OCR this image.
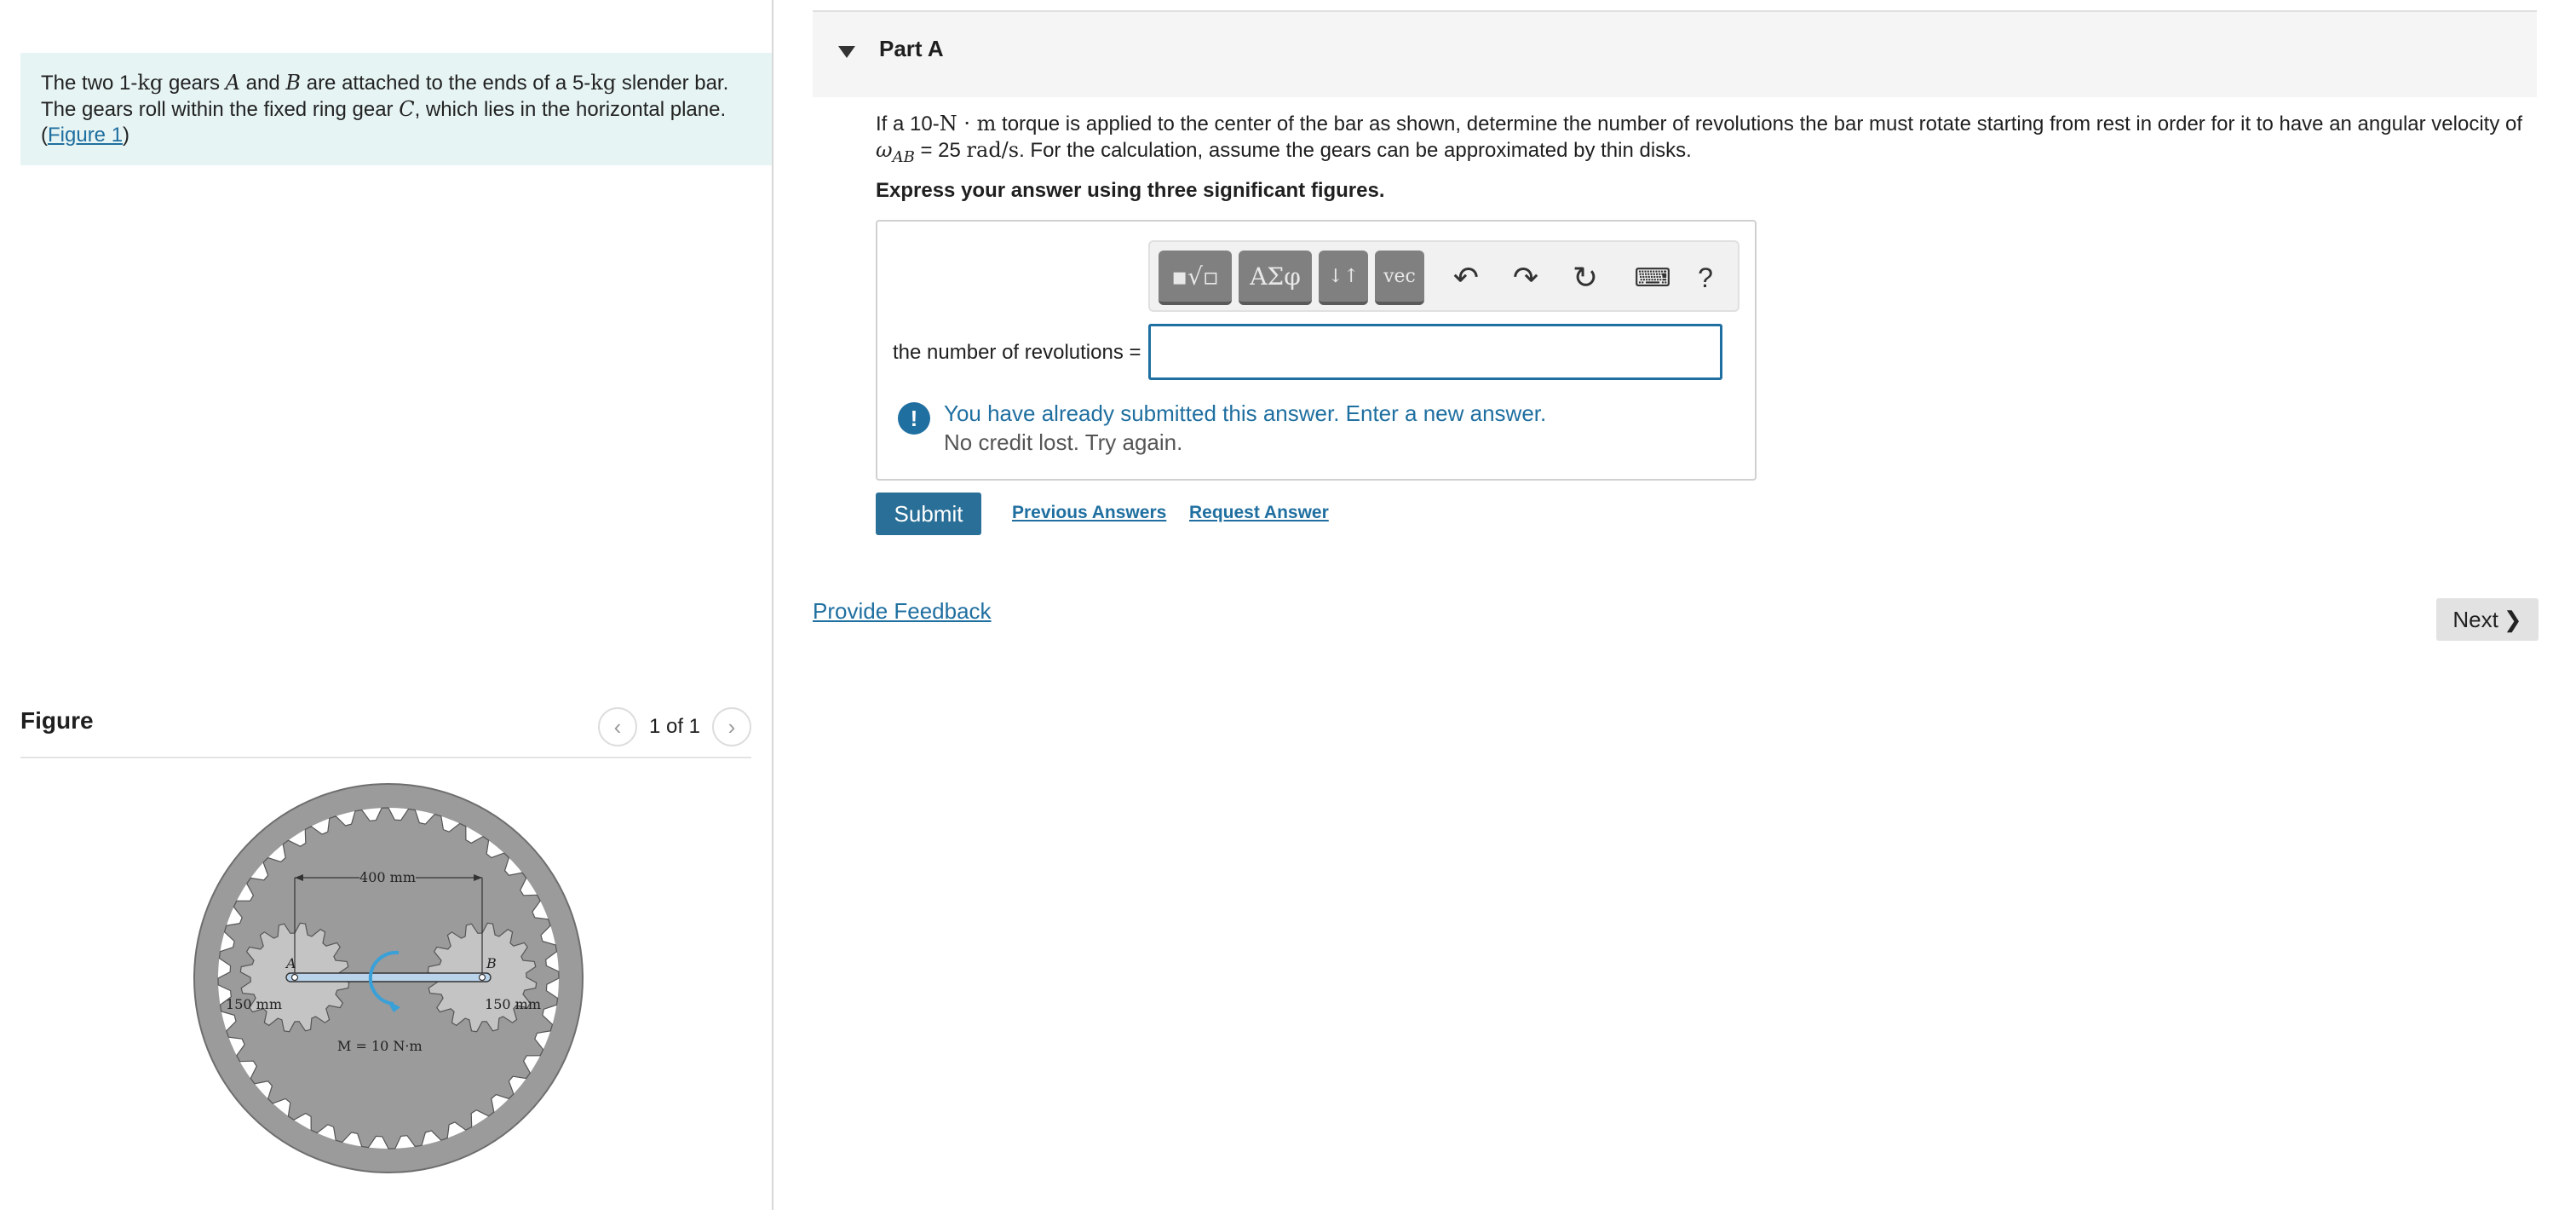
The two 1-kg gears A and B are attached to the ends of a 5-kg slender bar. The gears roll within the fixed ring gear C, which lies in the horizontal plane. (Figure 1)
Figure	‹ 1 of 1 ›
400 mm
A	B
150 mm	150 mm
M = 10 N·m
Part A
If a 10-N · m torque is applied to the center of the bar as shown, determine the number of revolutions the bar must rotate starting from rest in order for it to have an angular velocity of $\omega_{AB} = 25$ rad/s. For the calculation, assume the gears can be approximated by thin disks.
Express your answer using three significant figures.
▪√▫ ΑΣφ ↓↑ vec ↶ ↷ ↻ ⌨ ?
the number of revolutions =
!	You have already submitted this answer. Enter a new answer.
No credit lost. Try again.
Submit	Previous Answers Request Answer
Provide Feedback	Next ❯
